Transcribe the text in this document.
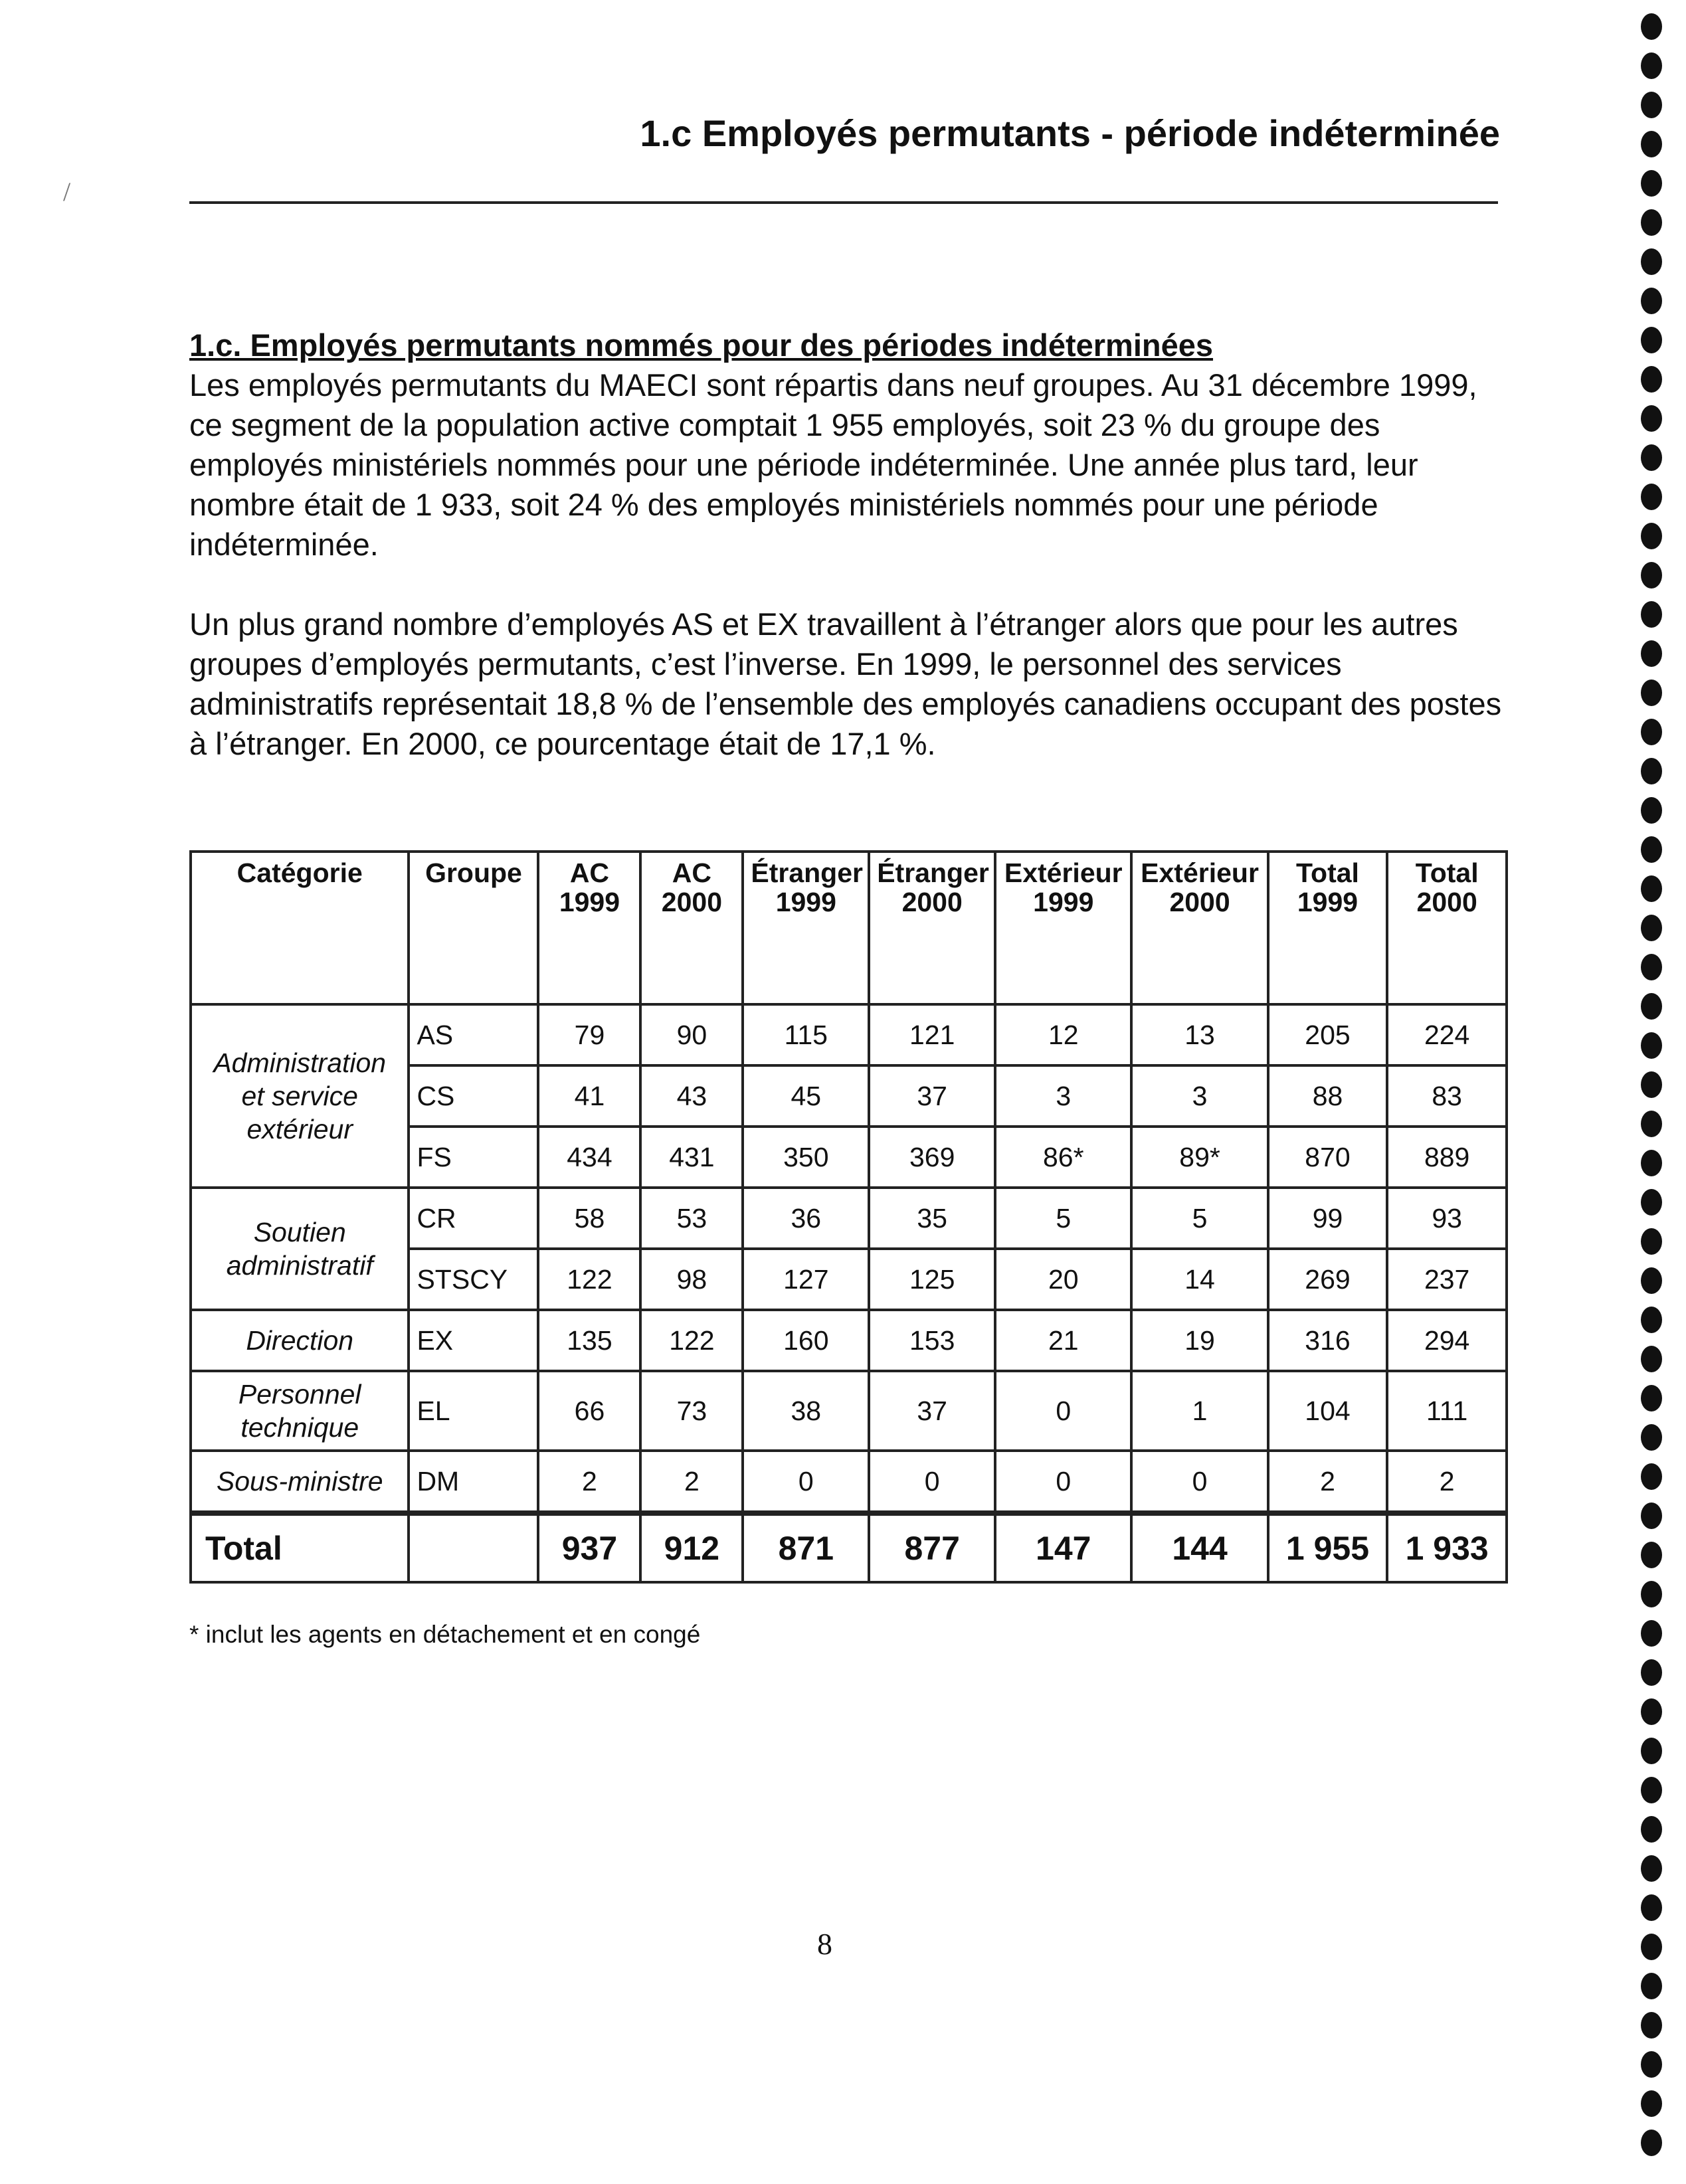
/
1.c Employés permutants - période indéterminée

1.c. Employés permutants nommés pour des périodes indéterminées

Les employés permutants du MAECI sont répartis dans neuf groupes. Au 31 décembre 1999, ce segment de la population active comptait 1 955 employés, soit 23 % du groupe des employés ministériels nommés pour une période indéterminée. Une année plus tard, leur nombre était de 1 933, soit 24 % des employés ministériels nommés pour une période indéterminée.

Un plus grand nombre d’employés AS et EX travaillent à l’étranger alors que pour les autres groupes d’employés permutants, c’est l’inverse. En 1999, le personnel des services administratifs représentait 18,8 % de l’ensemble des employés canadiens occupant des postes à l’étranger. En 2000, ce pourcentage était de 17,1 %.

Catégorie	Groupe	AC 1999	AC 2000	Étranger 1999	Étranger 2000	Extérieur 1999	Extérieur 2000	Total 1999	Total 2000
Administration et service extérieur	AS	79	90	115	121	12	13	205	224
	CS	41	43	45	37	3	3	88	83
	FS	434	431	350	369	86*	89*	870	889
Soutien administratif	CR	58	53	36	35	5	5	99	93
	STSCY	122	98	127	125	20	14	269	237
Direction	EX	135	122	160	153	21	19	316	294
Personnel technique	EL	66	73	38	37	0	1	104	111
Sous-ministre	DM	2	2	0	0	0	0	2	2
Total		937	912	871	877	147	144	1 955	1 933
* inclut les agents en détachement et en congé
8
